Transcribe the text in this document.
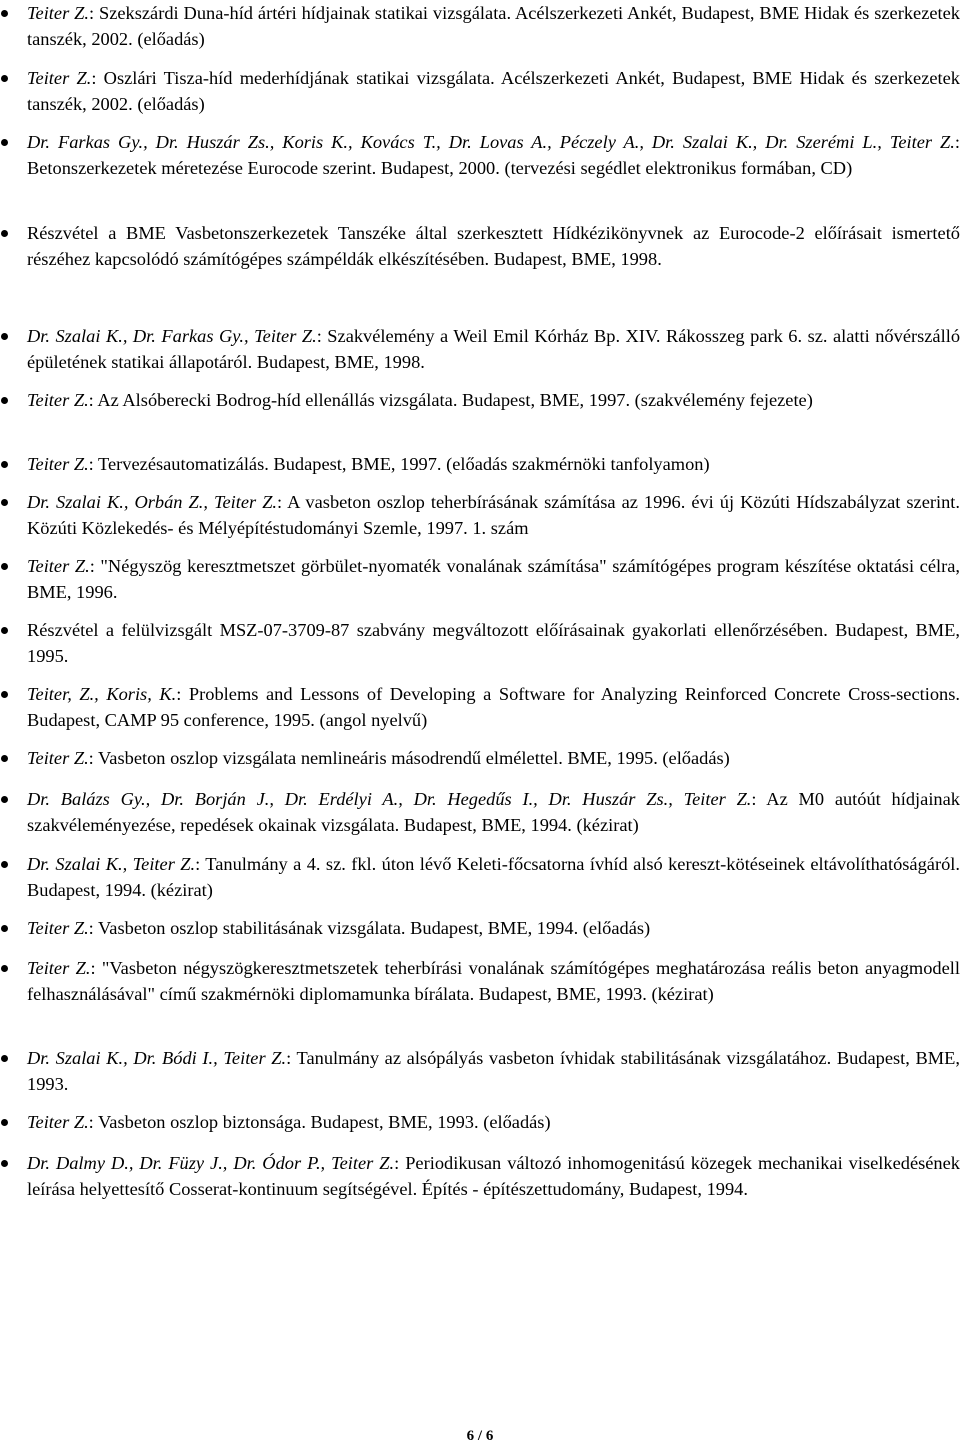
Teiter Z.: Szekszárdi Duna-híd ártéri hídjainak statikai vizsgálata. Acélszerkezeti Ankét, Budapest, BME Hidak és szerkezetek tanszék, 2002. (előadás)
Teiter Z.: Oszlári Tisza-híd mederhídjának statikai vizsgálata. Acélszerkezeti Ankét, Budapest, BME Hidak és szerkezetek tanszék, 2002. (előadás)
Dr. Farkas Gy., Dr. Huszár Zs., Koris K., Kovács T., Dr. Lovas A., Péczely A., Dr. Szalai K., Dr. Szerémi L., Teiter Z.: Betonszerkezetek méretezése Eurocode szerint. Budapest, 2000. (tervezési segédlet elektronikus formában, CD)
Részvétel a BME Vasbetonszerkezetek Tanszéke által szerkesztett Hídkézikönyvnek az Eurocode-2 előírásait ismertető részéhez kapcsolódó számítógépes számpéldák elkészítésében. Budapest, BME, 1998.
Dr. Szalai K., Dr. Farkas Gy., Teiter Z.: Szakvélemény a Weil Emil Kórház Bp. XIV. Rákosszeg park 6. sz. alatti nővérszálló épületének statikai állapotáról. Budapest, BME, 1998.
Teiter Z.: Az Alsóberecki Bodrog-híd ellenállás vizsgálata. Budapest, BME, 1997. (szakvélemény fejezete)
Teiter Z.: Tervezésautomatizálás. Budapest, BME, 1997. (előadás szakmérnöki tanfolyamon)
Dr. Szalai K., Orbán Z., Teiter Z.: A vasbeton oszlop teherbírásának számítása az 1996. évi új Közúti Hídszabályzat szerint. Közúti Közlekedés- és Mélyépítéstudományi Szemle, 1997. 1. szám
Teiter Z.: "Négyszög keresztmetszet görbület-nyomaték vonalának számítása" számítógépes program készítése oktatási célra, BME, 1996.
Részvétel a felülvizsgált MSZ-07-3709-87 szabvány megváltozott előírásainak gyakorlati ellenőrzésében. Budapest, BME, 1995.
Teiter, Z., Koris, K.: Problems and Lessons of Developing a Software for Analyzing Reinforced Concrete Cross-sections. Budapest, CAMP 95 conference, 1995. (angol nyelvű)
Teiter Z.: Vasbeton oszlop vizsgálata nemlineáris másodrendű elmélettel. BME, 1995. (előadás)
Dr. Balázs Gy., Dr. Borján J., Dr. Erdélyi A., Dr. Hegedűs I., Dr. Huszár Zs., Teiter Z.: Az M0 autóút hídjainak szakvéleményezése, repedések okainak vizsgálata. Budapest, BME, 1994. (kézirat)
Dr. Szalai K., Teiter Z.: Tanulmány a 4. sz. fkl. úton lévő Keleti-főcsatorna ívhíd alsó kereszt-kötéseinek eltávolíthatóságáról. Budapest, 1994. (kézirat)
Teiter Z.: Vasbeton oszlop stabilitásának vizsgálata. Budapest, BME, 1994. (előadás)
Teiter Z.: "Vasbeton négyszögkeresztmetszetek teherbírási vonalának számítógépes meghatározása reális beton anyagmodell felhasználásával" című szakmérnöki diplomamunka bírálata. Budapest, BME, 1993. (kézirat)
Dr. Szalai K., Dr. Bódi I., Teiter Z.: Tanulmány az alsópályás vasbeton ívhidak stabilitásának vizsgálatához. Budapest, BME, 1993.
Teiter Z.: Vasbeton oszlop biztonsága. Budapest, BME, 1993. (előadás)
Dr. Dalmy D., Dr. Füzy J., Dr. Ódor P., Teiter Z.: Periodikusan változó inhomogenitású közegek mechanikai viselkedésének leírása helyettesítő Cosserat-kontinuum segítségével. Építés - építészettudomány, Budapest, 1994.
6 / 6
